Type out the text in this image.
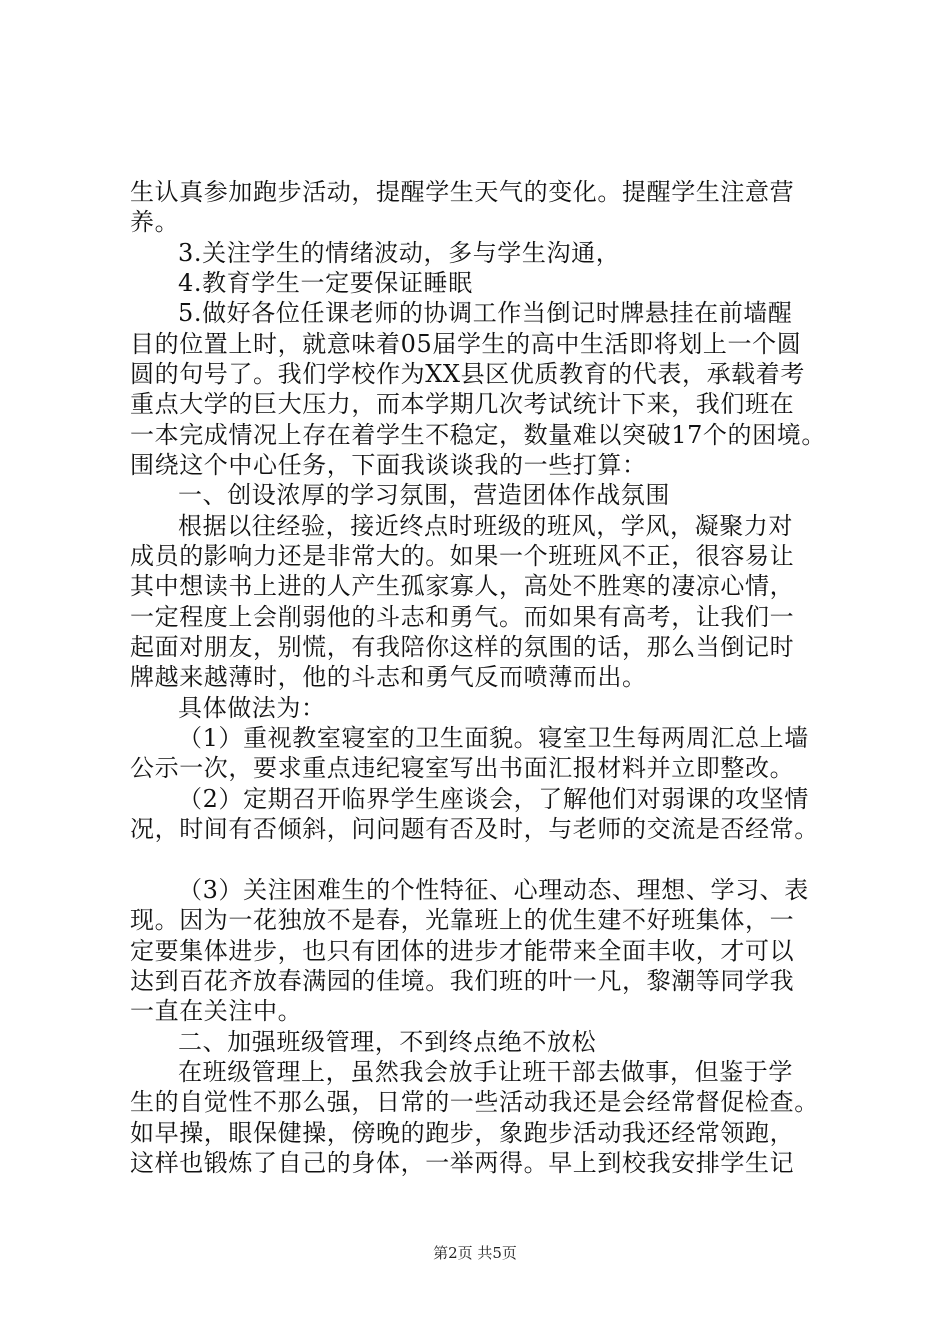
生认真参加跑步活动，提醒学生天气的变化。提醒学生注意营
养。
3.关注学生的情绪波动，多与学生沟通，
4.教育学生一定要保证睡眠
5.做好各位任课老师的协调工作当倒记时牌悬挂在前墙醒
目的位置上时，就意味着05届学生的高中生活即将划上一个圆
圆的句号了。我们学校作为XX县区优质教育的代表，承载着考
重点大学的巨大压力，而本学期几次考试统计下来，我们班在
一本完成情况上存在着学生不稳定，数量难以突破17个的困境。
围绕这个中心任务，下面我谈谈我的一些打算：
一、创设浓厚的学习氛围，营造团体作战氛围
根据以往经验，接近终点时班级的班风，学风，凝聚力对
成员的影响力还是非常大的。如果一个班班风不正，很容易让
其中想读书上进的人产生孤家寡人，高处不胜寒的凄凉心情，
一定程度上会削弱他的斗志和勇气。而如果有高考，让我们一
起面对朋友，别慌，有我陪你这样的氛围的话，那么当倒记时
牌越来越薄时，他的斗志和勇气反而喷薄而出。
具体做法为：
（1）重视教室寝室的卫生面貌。寝室卫生每两周汇总上墙
公示一次，要求重点违纪寝室写出书面汇报材料并立即整改。
（2）定期召开临界学生座谈会，了解他们对弱课的攻坚情
况，时间有否倾斜，问问题有否及时，与老师的交流是否经常。
（3）关注困难生的个性特征、心理动态、理想、学习、表
现。因为一花独放不是春，光靠班上的优生建不好班集体，一
定要集体进步，也只有团体的进步才能带来全面丰收，才可以
达到百花齐放春满园的佳境。我们班的叶一凡，黎潮等同学我
一直在关注中。
二、加强班级管理，不到终点绝不放松
在班级管理上，虽然我会放手让班干部去做事，但鉴于学
生的自觉性不那么强，日常的一些活动我还是会经常督促检查。
如早操，眼保健操，傍晚的跑步，象跑步活动我还经常领跑，
这样也锻炼了自己的身体，一举两得。早上到校我安排学生记
第2页 共5页
